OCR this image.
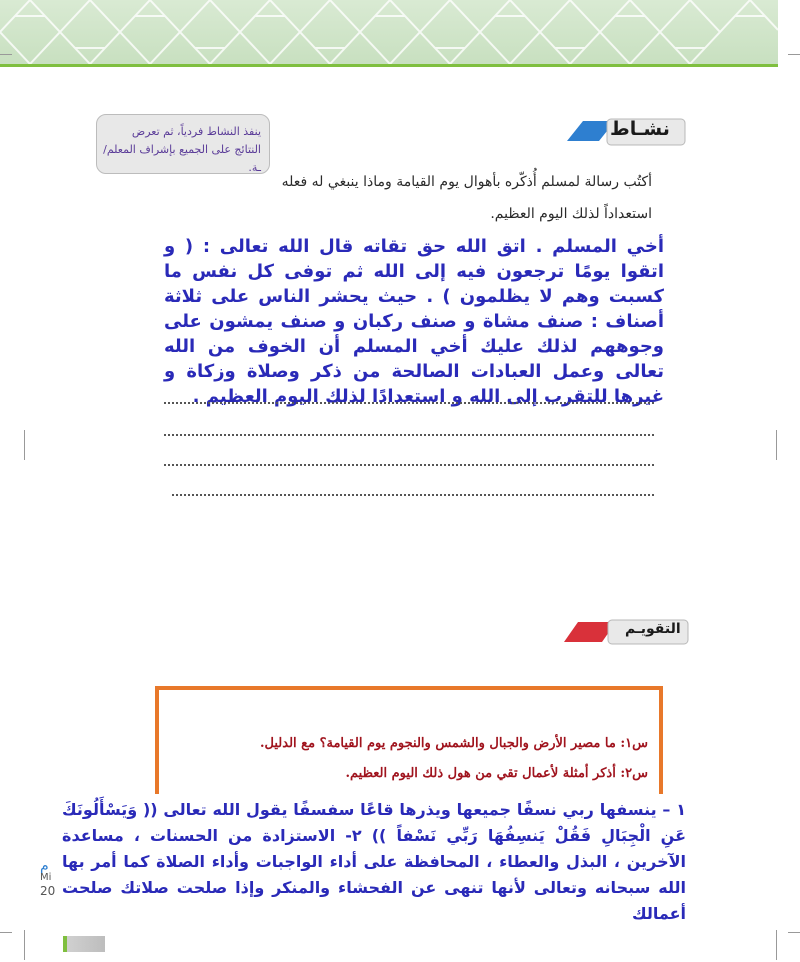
نشـاط
ينفذ النشاط فردياً، ثم تعرض النتائج على الجميع بإشراف المعلم/ـة.
أكتُب رسالة لمسلم أُذكّره بأهوال يوم القيامة وماذا ينبغي له فعله
استعداداً لذلك اليوم العظيم.
أخي المسلم . اتق الله حق تقاته قال الله تعالى : ( و اتقوا يومًا ترجعون فيه إلى الله ثم توفى كل نفس ما كسبت وهم لا يظلمون ) . حيث يحشر الناس على ثلاثة أصناف : صنف مشاة و صنف ركبان و صنف يمشون على وجوههم لذلك عليك أخي المسلم أن الخوف من الله تعالى وعمل العبادات الصالحة من ذكر وصلاة وزكاة و غيرها للتقرب إلى الله و استعدادًا لذلك اليوم العظيم .
التقويـم
س١: ما مصير الأرض والجبال والشمس والنجوم يوم القيامة؟ مع الدليل.
س٢: أذكر أمثلة لأعمال تقي من هول ذلك اليوم العظيم.
١ – ينسفها ربي نسفًا جميعها ويذرها قاعًا سفسفًا يقول الله تعالى (( وَيَسْأَلُونَكَ عَنِ الْجِبَالِ فَقُلْ يَنسِفُهَا رَبِّي نَسْفاً )) ٢- الاستزادة من الحسنات ، مساعدة الآخرين ، البذل والعطاء ، المحافظة على أداء الواجبات وأداء الصلاة كما أمر بها الله سبحانه وتعالى لأنها تنهى عن الفحشاء والمنكر وإذا صلحت صلاتك صلحت أعمالك
م
Mi
20
